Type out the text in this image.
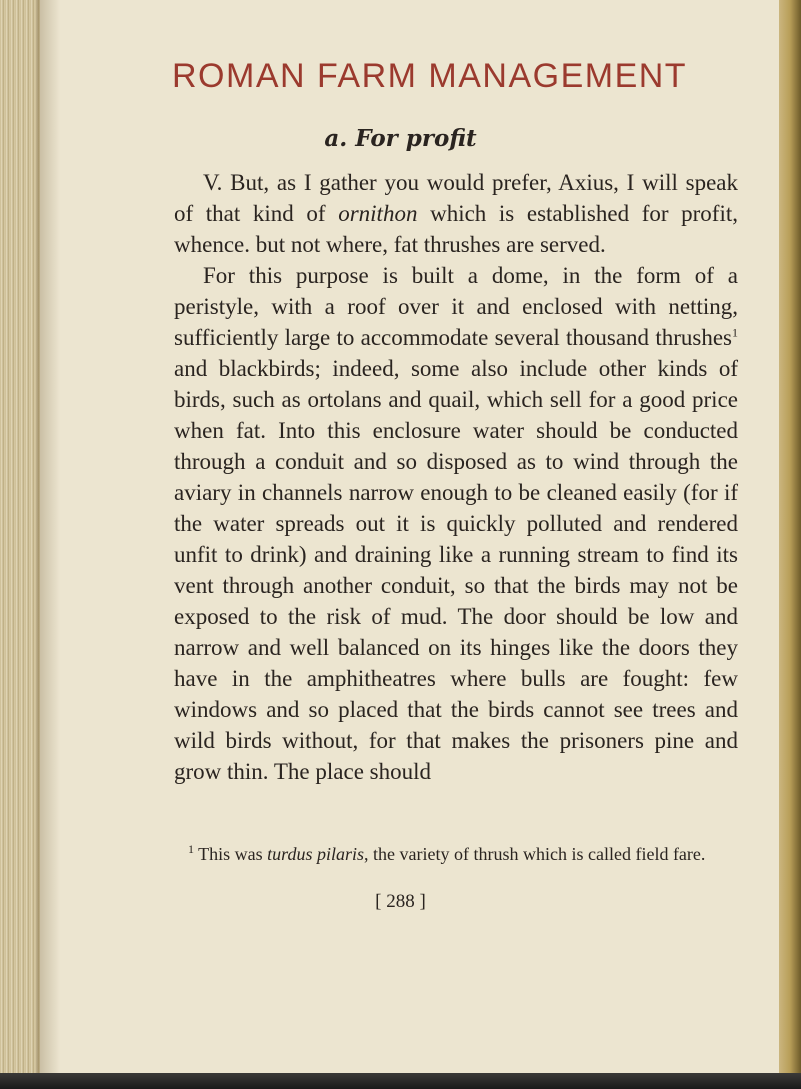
ROMAN FARM MANAGEMENT
a. For profit

V. But, as I gather you would prefer, Axius, I will speak of that kind of ornithon which is established for profit, whence. but not where, fat thrushes are served.

For this purpose is built a dome, in the form of a peristyle, with a roof over it and enclosed with netting, sufficiently large to accommodate several thousand thrushes$^1$ and blackbirds; indeed, some also include other kinds of birds, such as ortolans and quail, which sell for a good price when fat. Into this enclosure water should be conducted through a conduit and so disposed as to wind through the aviary in channels narrow enough to be cleaned easily (for if the water spreads out it is quickly polluted and rendered unfit to drink) and draining like a running stream to find its vent through another conduit, so that the birds may not be exposed to the risk of mud. The door should be low and narrow and well balanced on its hinges like the doors they have in the amphitheatres where bulls are fought: few windows and so placed that the birds cannot see trees and wild birds without, for that makes the prisoners pine and grow thin. The place should

$^1$ This was turdus pilaris, the variety of thrush which is called field fare.

[ 288 ]
